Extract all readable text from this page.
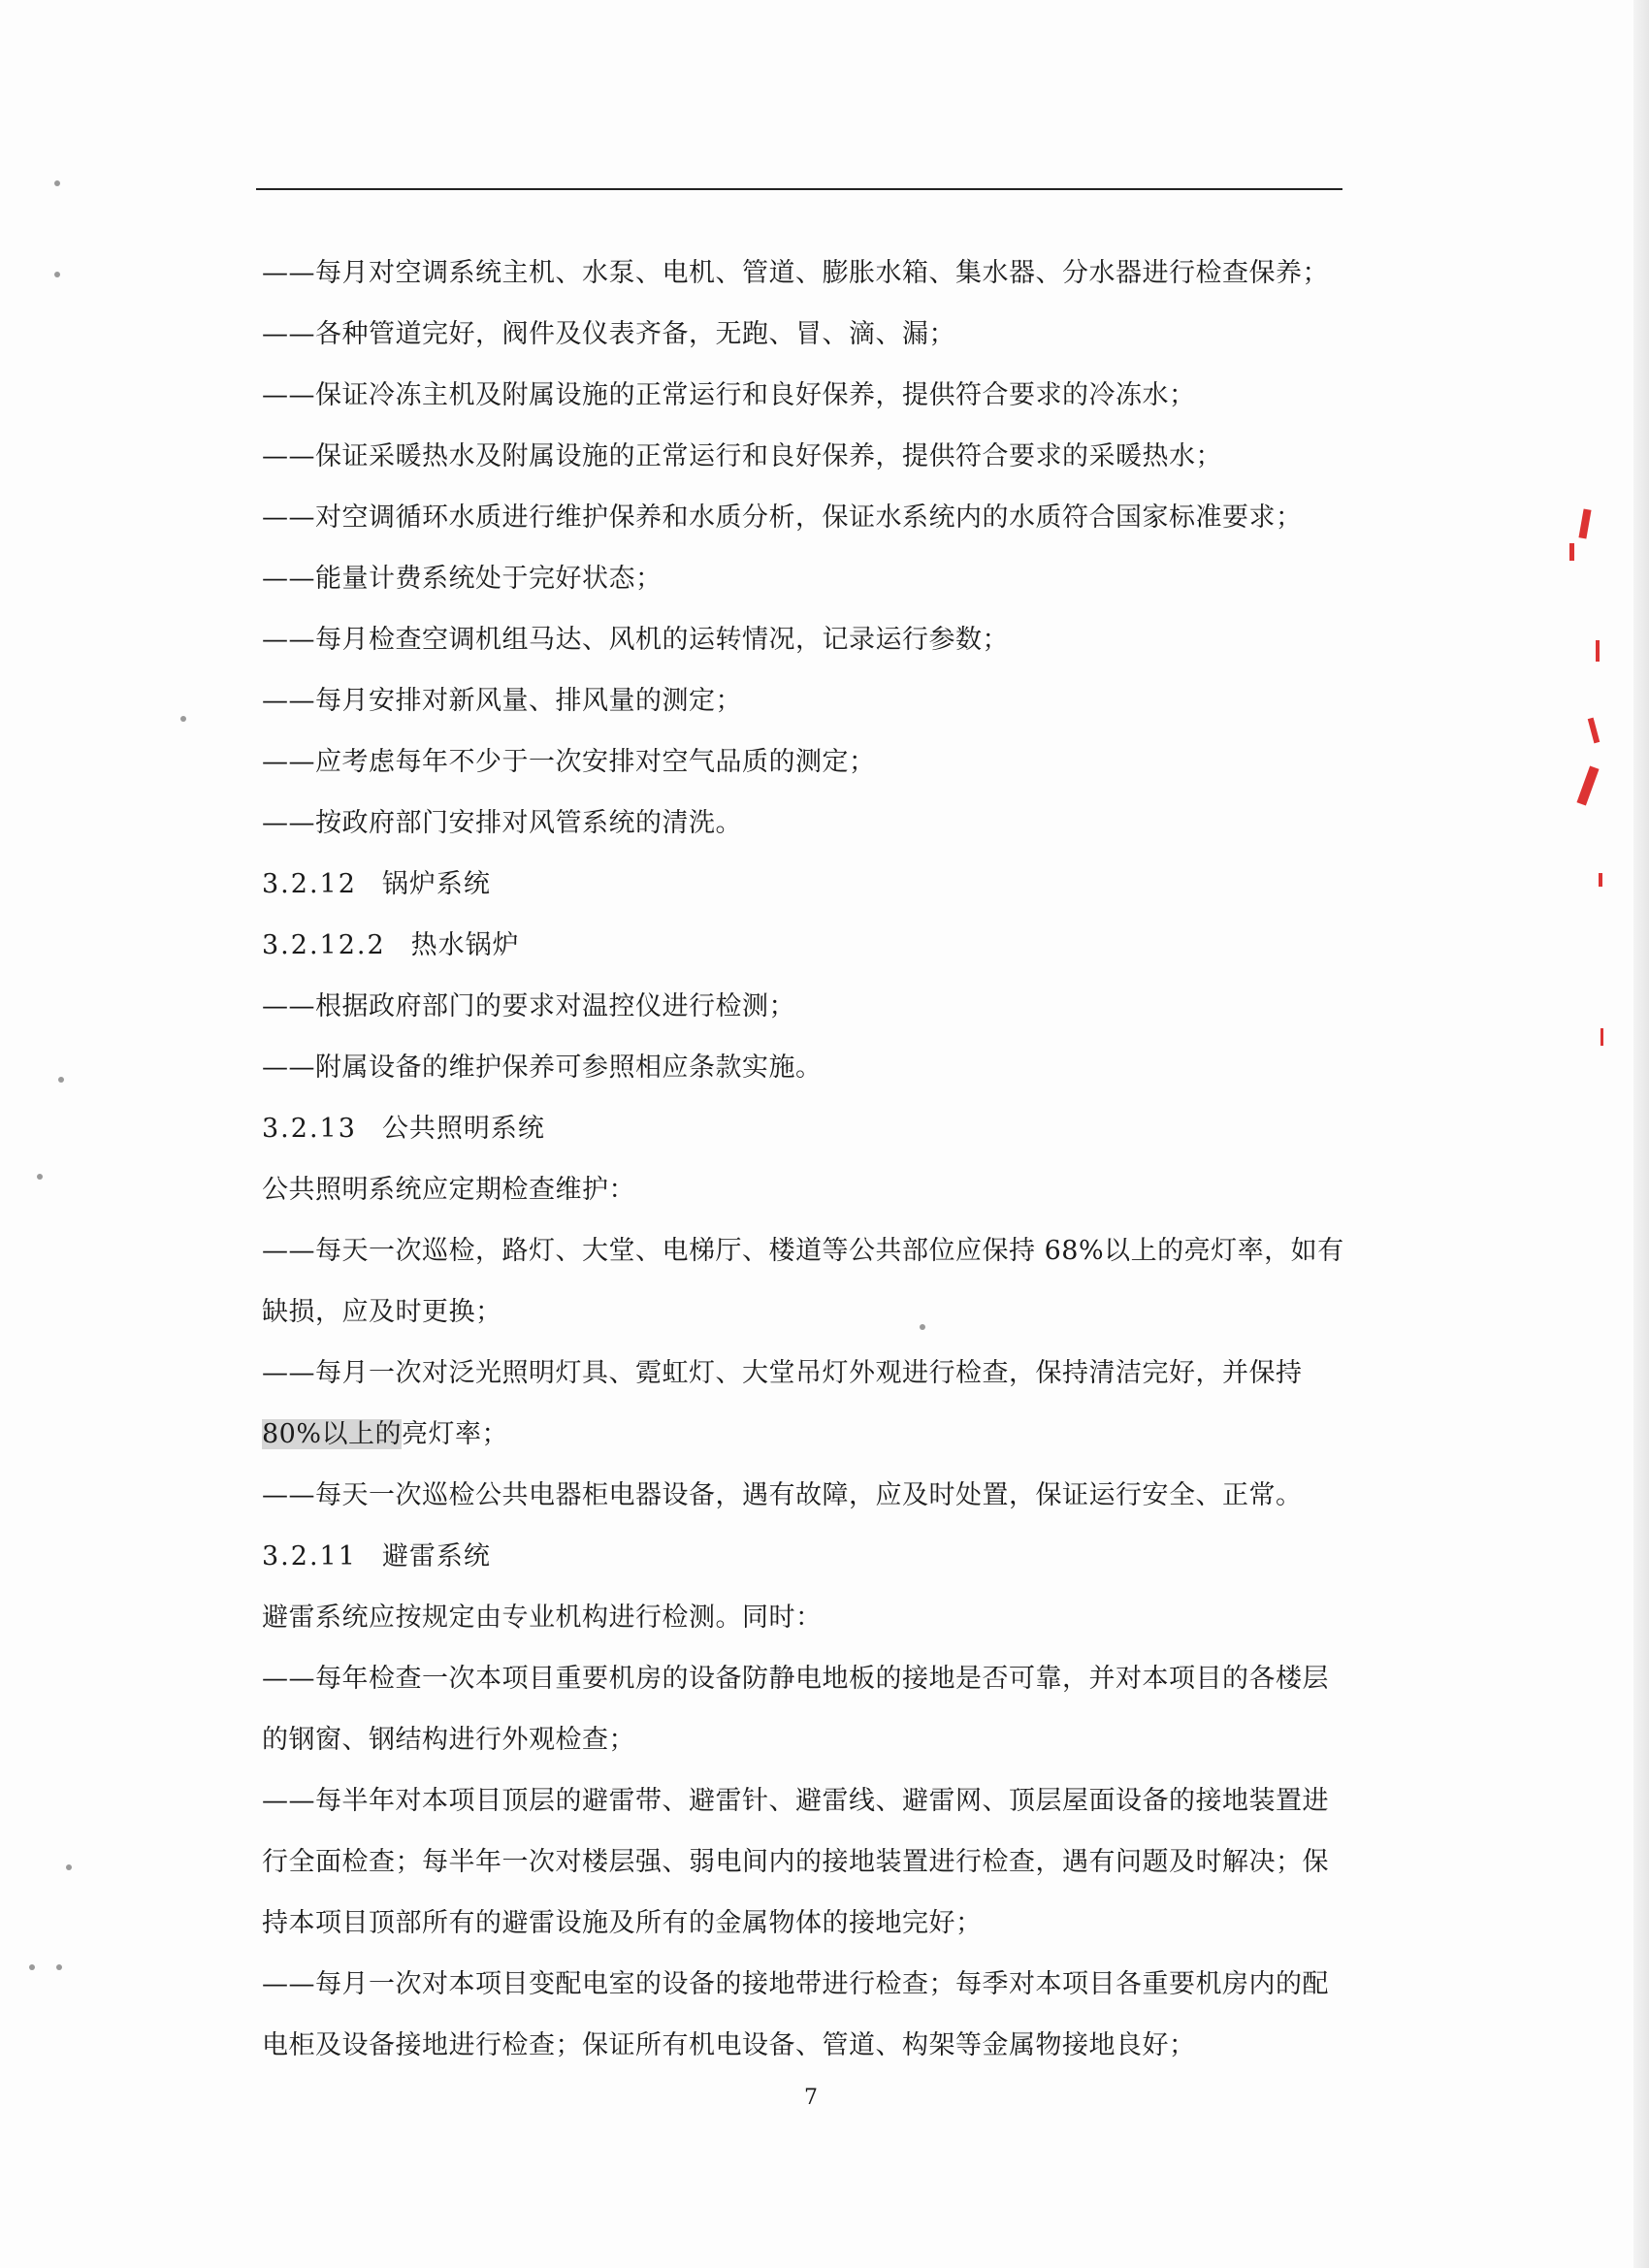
——每月对空调系统主机、水泵、电机、管道、膨胀水箱、集水器、分水器进行检查保养；
——各种管道完好，阀件及仪表齐备，无跑、冒、滴、漏；
——保证冷冻主机及附属设施的正常运行和良好保养，提供符合要求的冷冻水；
——保证采暖热水及附属设施的正常运行和良好保养，提供符合要求的采暖热水；
——对空调循环水质进行维护保养和水质分析，保证水系统内的水质符合国家标准要求；
——能量计费系统处于完好状态；
——每月检查空调机组马达、风机的运转情况，记录运行参数；
——每月安排对新风量、排风量的测定；
——应考虑每年不少于一次安排对空气品质的测定；
——按政府部门安排对风管系统的清洗。
3.2.12 锅炉系统
3.2.12.2 热水锅炉
——根据政府部门的要求对温控仪进行检测；
——附属设备的维护保养可参照相应条款实施。
3.2.13 公共照明系统
公共照明系统应定期检查维护：
——每天一次巡检，路灯、大堂、电梯厅、楼道等公共部位应保持 68%以上的亮灯率，如有
缺损，应及时更换；
——每月一次对泛光照明灯具、霓虹灯、大堂吊灯外观进行检查，保持清洁完好，并保持
80%以上的亮灯率；
——每天一次巡检公共电器柜电器设备，遇有故障，应及时处置，保证运行安全、正常。
3.2.11 避雷系统
避雷系统应按规定由专业机构进行检测。同时：
——每年检查一次本项目重要机房的设备防静电地板的接地是否可靠，并对本项目的各楼层
的钢窗、钢结构进行外观检查；
——每半年对本项目顶层的避雷带、避雷针、避雷线、避雷网、顶层屋面设备的接地装置进
行全面检查；每半年一次对楼层强、弱电间内的接地装置进行检查，遇有问题及时解决；保
持本项目顶部所有的避雷设施及所有的金属物体的接地完好；
——每月一次对本项目变配电室的设备的接地带进行检查；每季对本项目各重要机房内的配
电柜及设备接地进行检查；保证所有机电设备、管道、构架等金属物接地良好；
7
